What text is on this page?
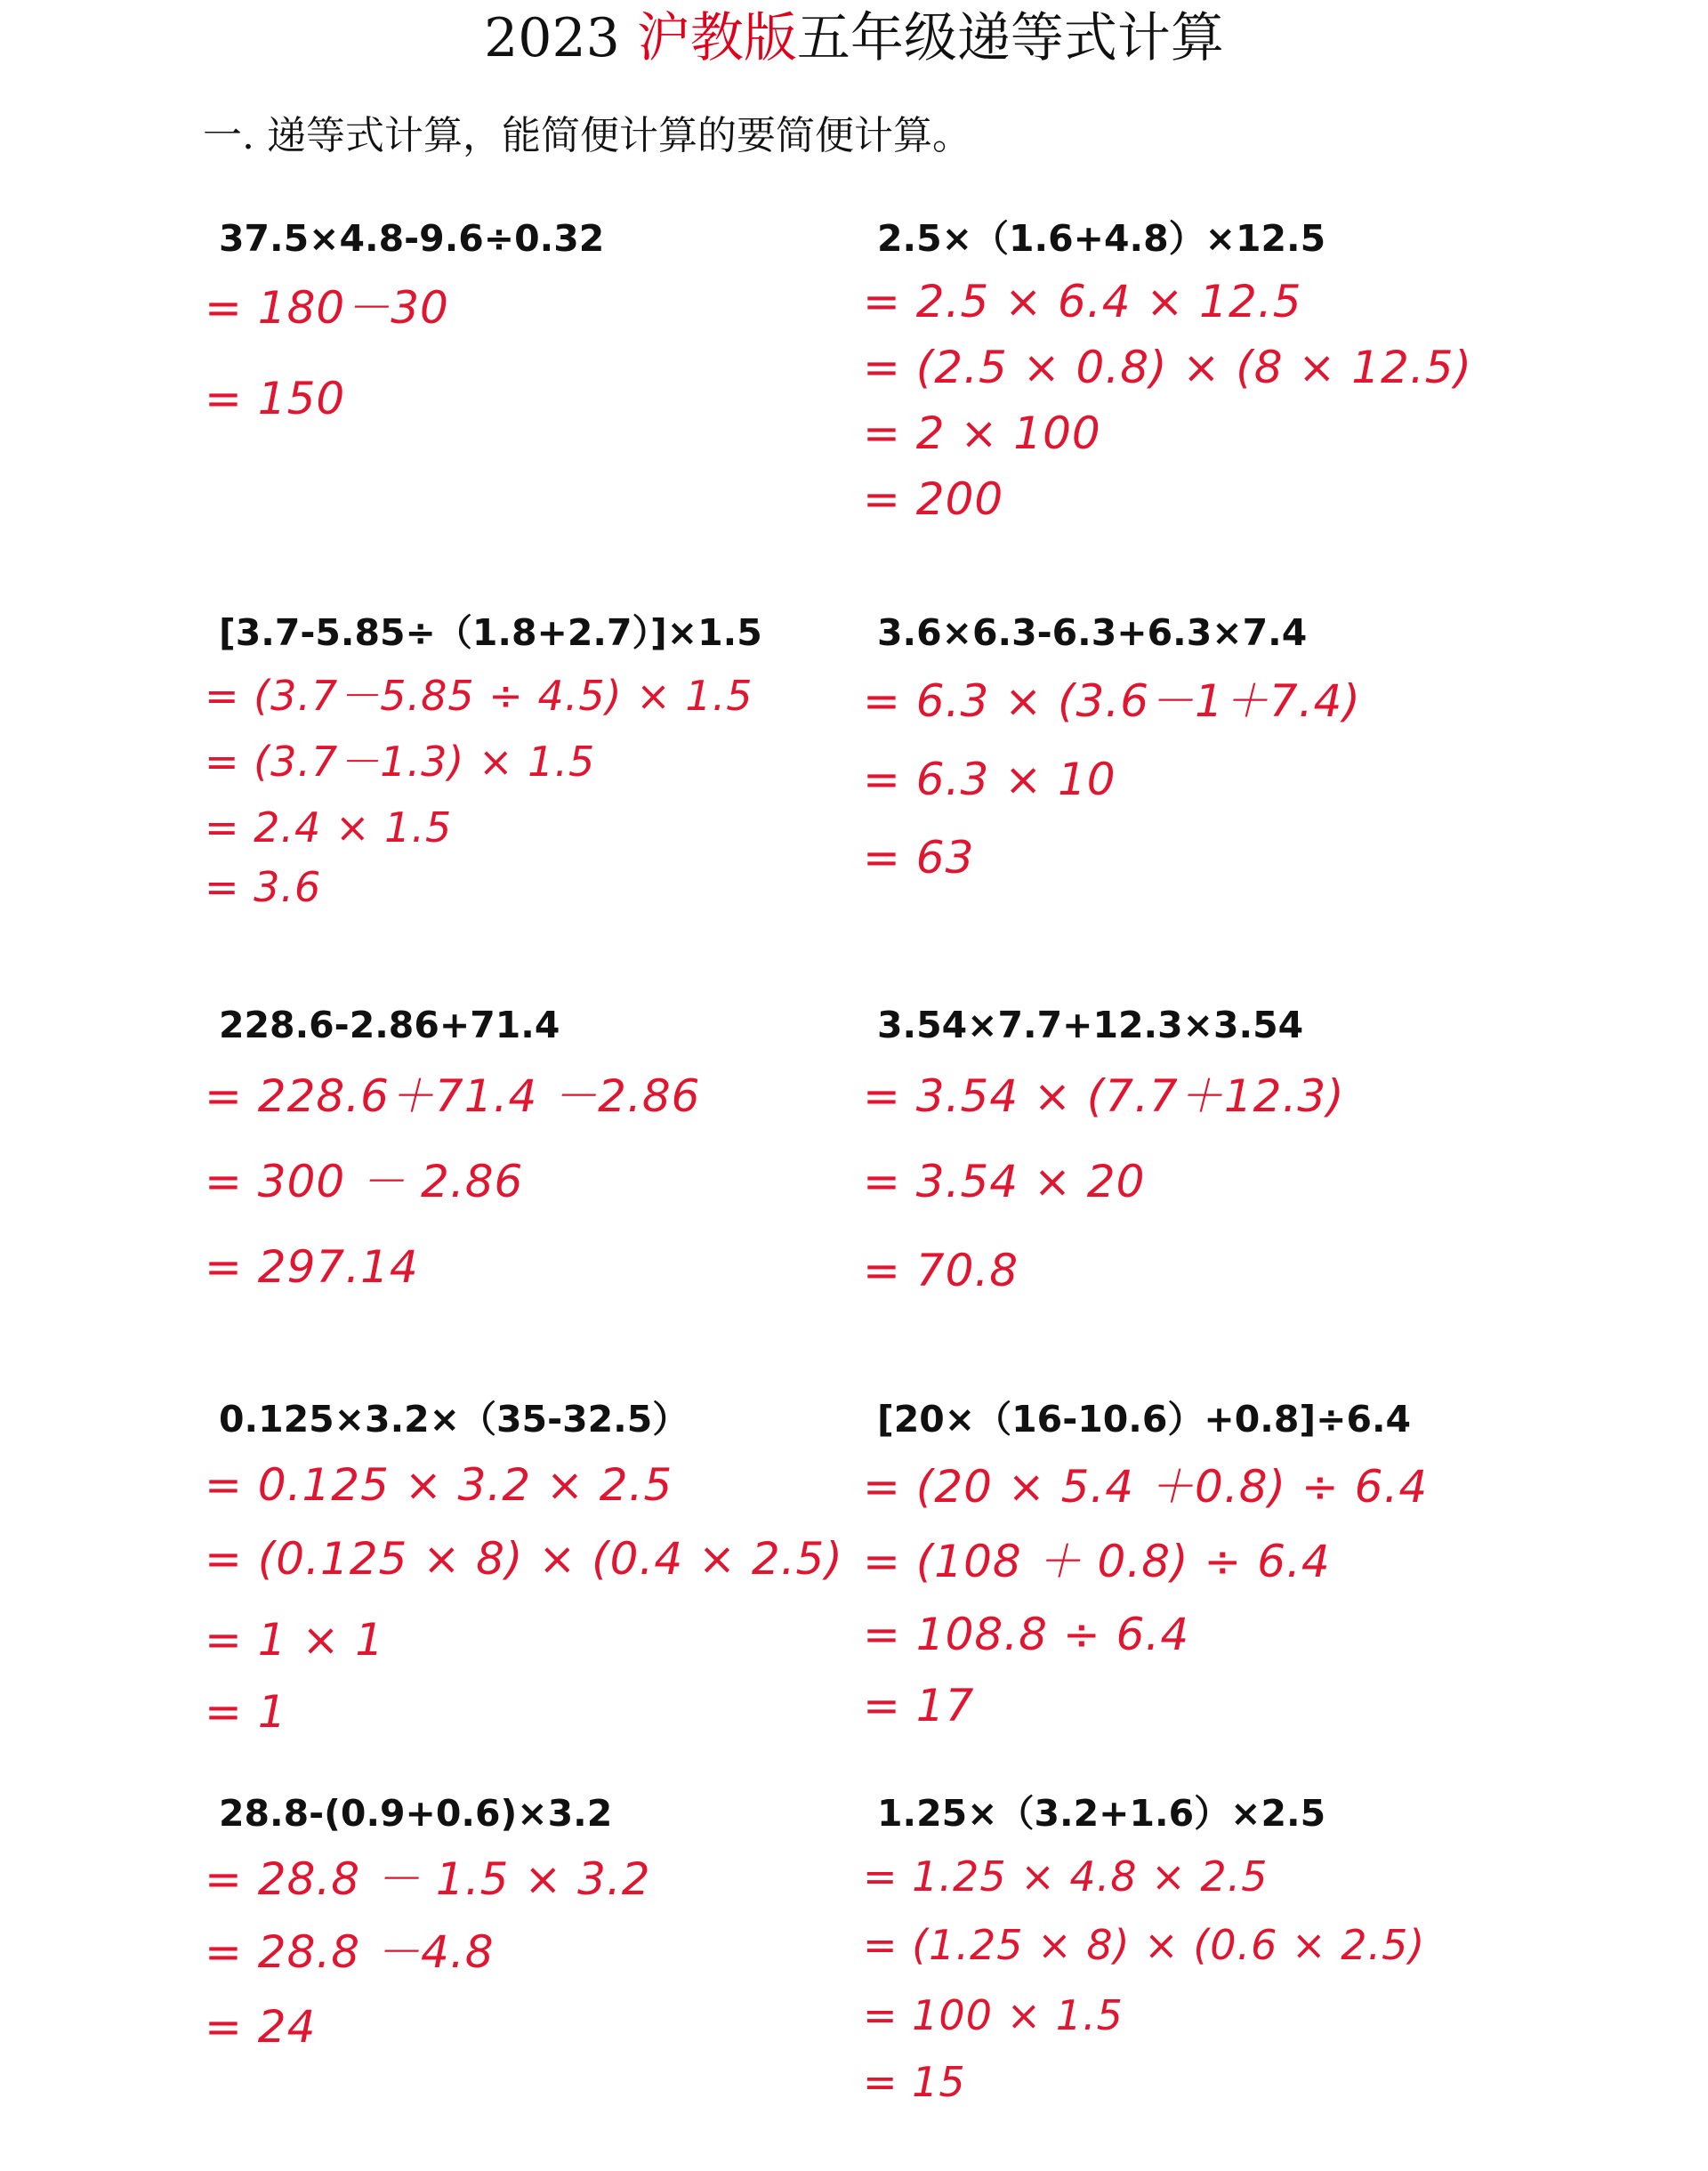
2023 沪教版五年级递等式计算
一. 递等式计算，能简便计算的要简便计算。
37.5×4.8-9.6÷0.32
= 180－30
= 150
2.5×（1.6+4.8）×12.5
= 2.5 × 6.4 × 12.5
= (2.5 × 0.8) × (8 × 12.5)
= 2 × 100
= 200
[3.7-5.85÷（1.8+2.7）]×1.5
= (3.7－5.85 ÷ 4.5) × 1.5
= (3.7－1.3) × 1.5
= 2.4 × 1.5
= 3.6
3.6×6.3-6.3+6.3×7.4
= 6.3 × (3.6－1＋7.4)
= 6.3 × 10
= 63
228.6-2.86+71.4
= 228.6＋71.4 －2.86
= 300 － 2.86
= 297.14
3.54×7.7+12.3×3.54
= 3.54 × (7.7＋12.3)
= 3.54 × 20
= 70.8
0.125×3.2×（35-32.5）
= 0.125 × 3.2 × 2.5
= (0.125 × 8) × (0.4 × 2.5)
= 1 × 1
= 1
[20×（16-10.6）+0.8]÷6.4
= (20 × 5.4 ＋0.8) ÷ 6.4
= (108 ＋ 0.8) ÷ 6.4
= 108.8 ÷ 6.4
= 17
28.8-(0.9+0.6)×3.2
= 28.8 － 1.5 × 3.2
= 28.8 －4.8
= 24
1.25×（3.2+1.6）×2.5
= 1.25 × 4.8 × 2.5
= (1.25 × 8) × (0.6 × 2.5)
= 100 × 1.5
= 15
